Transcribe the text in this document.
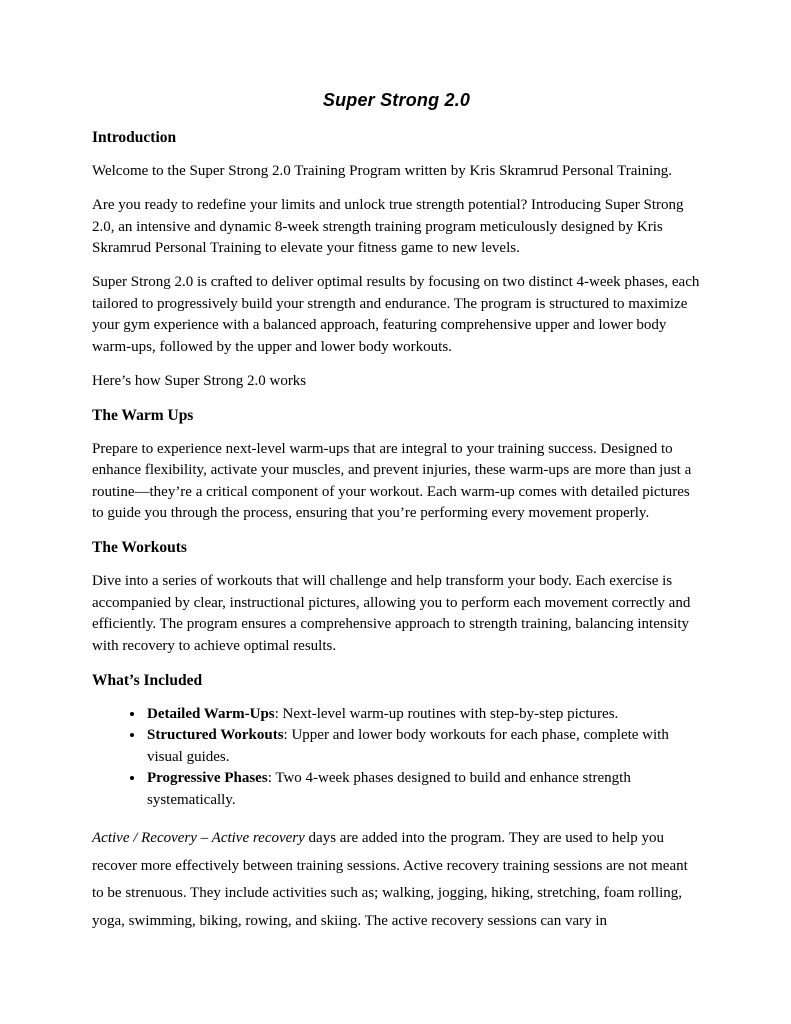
Super Strong 2.0
Introduction

Welcome to the Super Strong 2.0 Training Program written by Kris Skramrud Personal Training.

Are you ready to redefine your limits and unlock true strength potential? Introducing Super Strong 2.0, an intensive and dynamic 8-week strength training program meticulously designed by Kris Skramrud Personal Training to elevate your fitness game to new levels.

Super Strong 2.0 is crafted to deliver optimal results by focusing on two distinct 4-week phases, each tailored to progressively build your strength and endurance. The program is structured to maximize your gym experience with a balanced approach, featuring comprehensive upper and lower body warm-ups, followed by the upper and lower body workouts.

Here’s how Super Strong 2.0 works

The Warm Ups

Prepare to experience next-level warm-ups that are integral to your training success. Designed to enhance flexibility, activate your muscles, and prevent injuries, these warm-ups are more than just a routine—they’re a critical component of your workout. Each warm-up comes with detailed pictures to guide you through the process, ensuring that you’re performing every movement properly.

The Workouts

Dive into a series of workouts that will challenge and help transform your body. Each exercise is accompanied by clear, instructional pictures, allowing you to perform each movement correctly and efficiently. The program ensures a comprehensive approach to strength training, balancing intensity with recovery to achieve optimal results.

What’s Included
• Detailed Warm-Ups: Next-level warm-up routines with step-by-step pictures.
• Structured Workouts: Upper and lower body workouts for each phase, complete with visual guides.
• Progressive Phases: Two 4-week phases designed to build and enhance strength systematically.

Active / Recovery – Active recovery days are added into the program. They are used to help you recover more effectively between training sessions. Active recovery training sessions are not meant to be strenuous. They include activities such as; walking, jogging, hiking, stretching, foam rolling, yoga, swimming, biking, rowing, and skiing. The active recovery sessions can vary in
